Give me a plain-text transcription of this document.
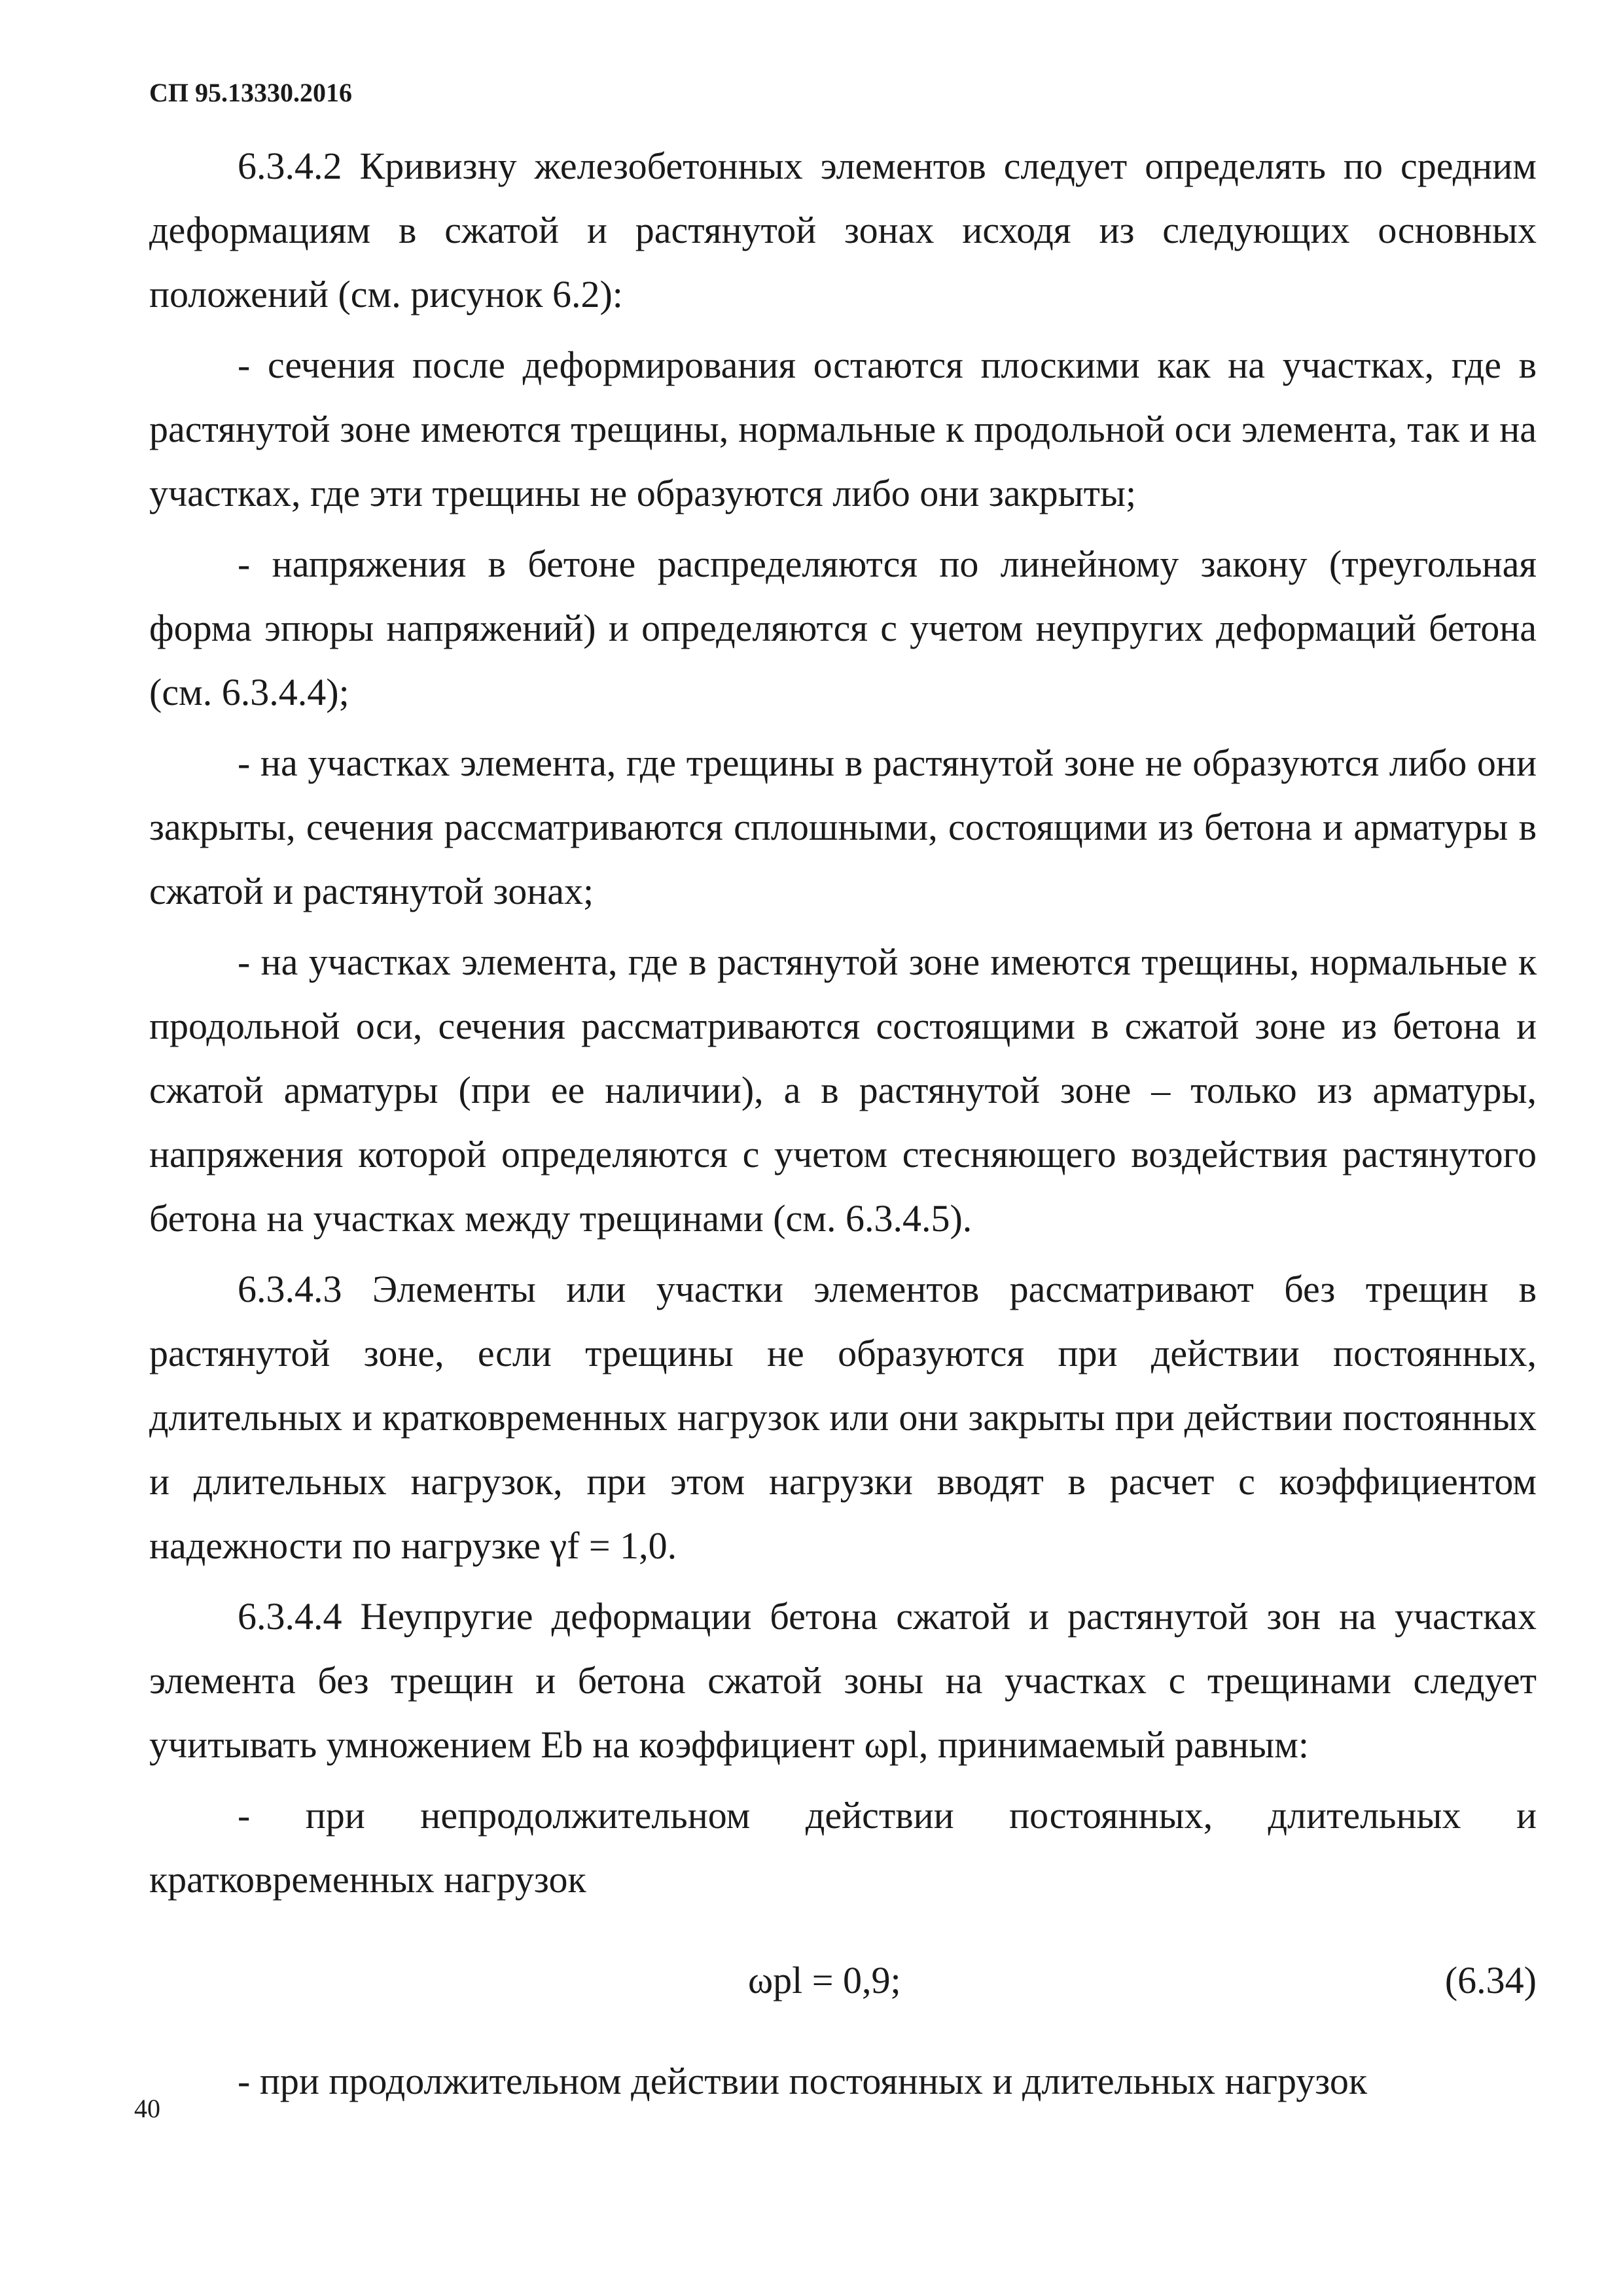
СП 95.13330.2016

6.3.4.2 Кривизну железобетонных элементов следует определять по средним деформациям в сжатой и растянутой зонах исходя из следующих основных положений (см. рисунок 6.2):

- сечения после деформирования остаются плоскими как на участках, где в растянутой зоне имеются трещины, нормальные к продольной оси элемента, так и на участках, где эти трещины не образуются либо они закрыты;

- напряжения в бетоне распределяются по линейному закону (треугольная форма эпюры напряжений) и определяются с учетом неупругих деформаций бетона (см. 6.3.4.4);

- на участках элемента, где трещины в растянутой зоне не образуются либо они закрыты, сечения рассматриваются сплошными, состоящими из бетона и арматуры в сжатой и растянутой зонах;

- на участках элемента, где в растянутой зоне имеются трещины, нормальные к продольной оси, сечения рассматриваются состоящими в сжатой зоне из бетона и сжатой арматуры (при ее наличии), а в растянутой зоне – только из арматуры, напряжения которой определяются с учетом стесняющего воздействия растянутого бетона на участках между трещинами (см. 6.3.4.5).

6.3.4.3 Элементы или участки элементов рассматривают без трещин в растянутой зоне, если трещины не образуются при действии постоянных, длительных и кратковременных нагрузок или они закрыты при действии постоянных и длительных нагрузок, при этом нагрузки вводят в расчет с коэффициентом надежности по нагрузке γf = 1,0.

6.3.4.4 Неупругие деформации бетона сжатой и растянутой зон на участках элемента без трещин и бетона сжатой зоны на участках с трещинами следует учитывать умножением Eb на коэффициент ωpl, принимаемый равным:

- при непродолжительном действии постоянных, длительных и кратковременных нагрузок

ωpl = 0,9;	(6.34)

- при продолжительном действии постоянных и длительных нагрузок

40
